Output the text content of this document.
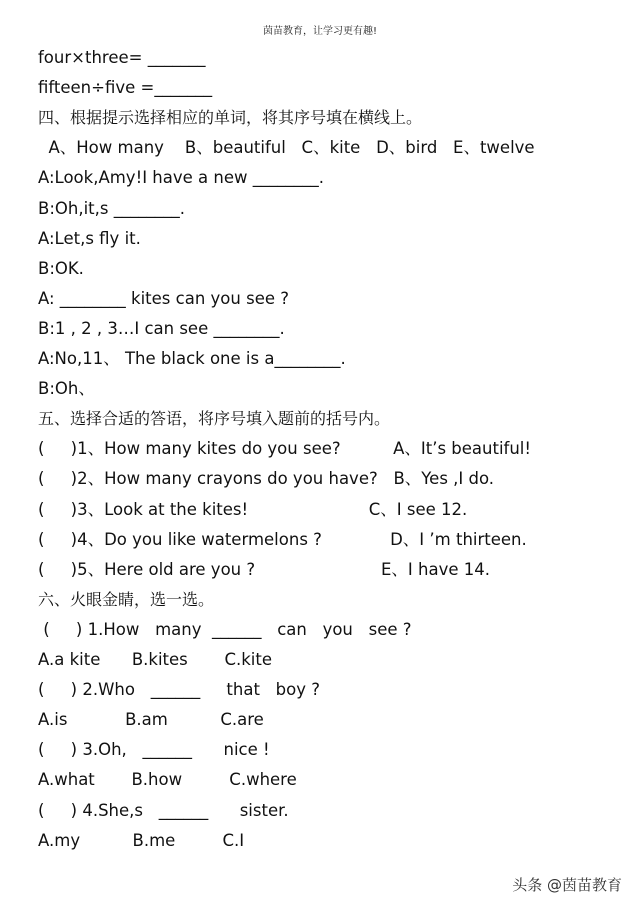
茵苗教育，让学习更有趣!
four×three= _______
fifteen÷five =_______
四、根据提示选择相应的单词，将其序号填在横线上。
A、How many    B、beautiful   C、kite   D、bird   E、twelve
A:Look,Amy!I have a new ________.
B:Oh,it,s ________.
A:Let,s fly it.
B:OK.
A: ________ kites can you see ?
B:1 , 2 , 3…I can see ________.
A:No,11、 The black one is a________.
B:Oh、
五、选择合适的答语，将序号填入题前的括号内。
(     )1、How many kites do you see?          A、It’s beautiful!
(     )2、How many crayons do you have?   B、Yes ,I do.
(     )3、Look at the kites!                       C、I see 12.
(     )4、Do you like watermelons ?             D、I ’m thirteen.
(     )5、Here old are you ?                        E、I have 14.
六、火眼金睛，选一选。
(     ) 1.How   many  ______   can   you   see ?
A.a kite      B.kites       C.kite
(     ) 2.Who   ______     that   boy ?
A.is           B.am          C.are
(     ) 3.Oh,   ______      nice !
A.what       B.how         C.where
(     ) 4.She,s   ______      sister.
A.my          B.me         C.I
头条 @茵苗教育
